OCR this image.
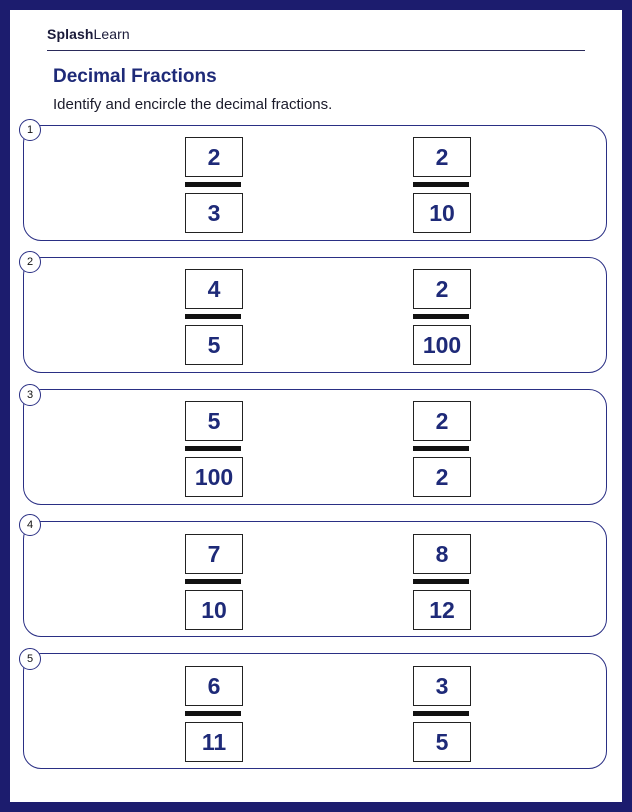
SplashLearn
Decimal Fractions
Identify and encircle the decimal fractions.
$\frac{2}{3}$	$\frac{2}{10}$
1
$\frac{4}{5}$	$\frac{2}{100}$
2
$\frac{5}{100}$	$\frac{2}{2}$
3
$\frac{7}{10}$	$\frac{8}{12}$
4
$\frac{6}{11}$	$\frac{3}{5}$
5
